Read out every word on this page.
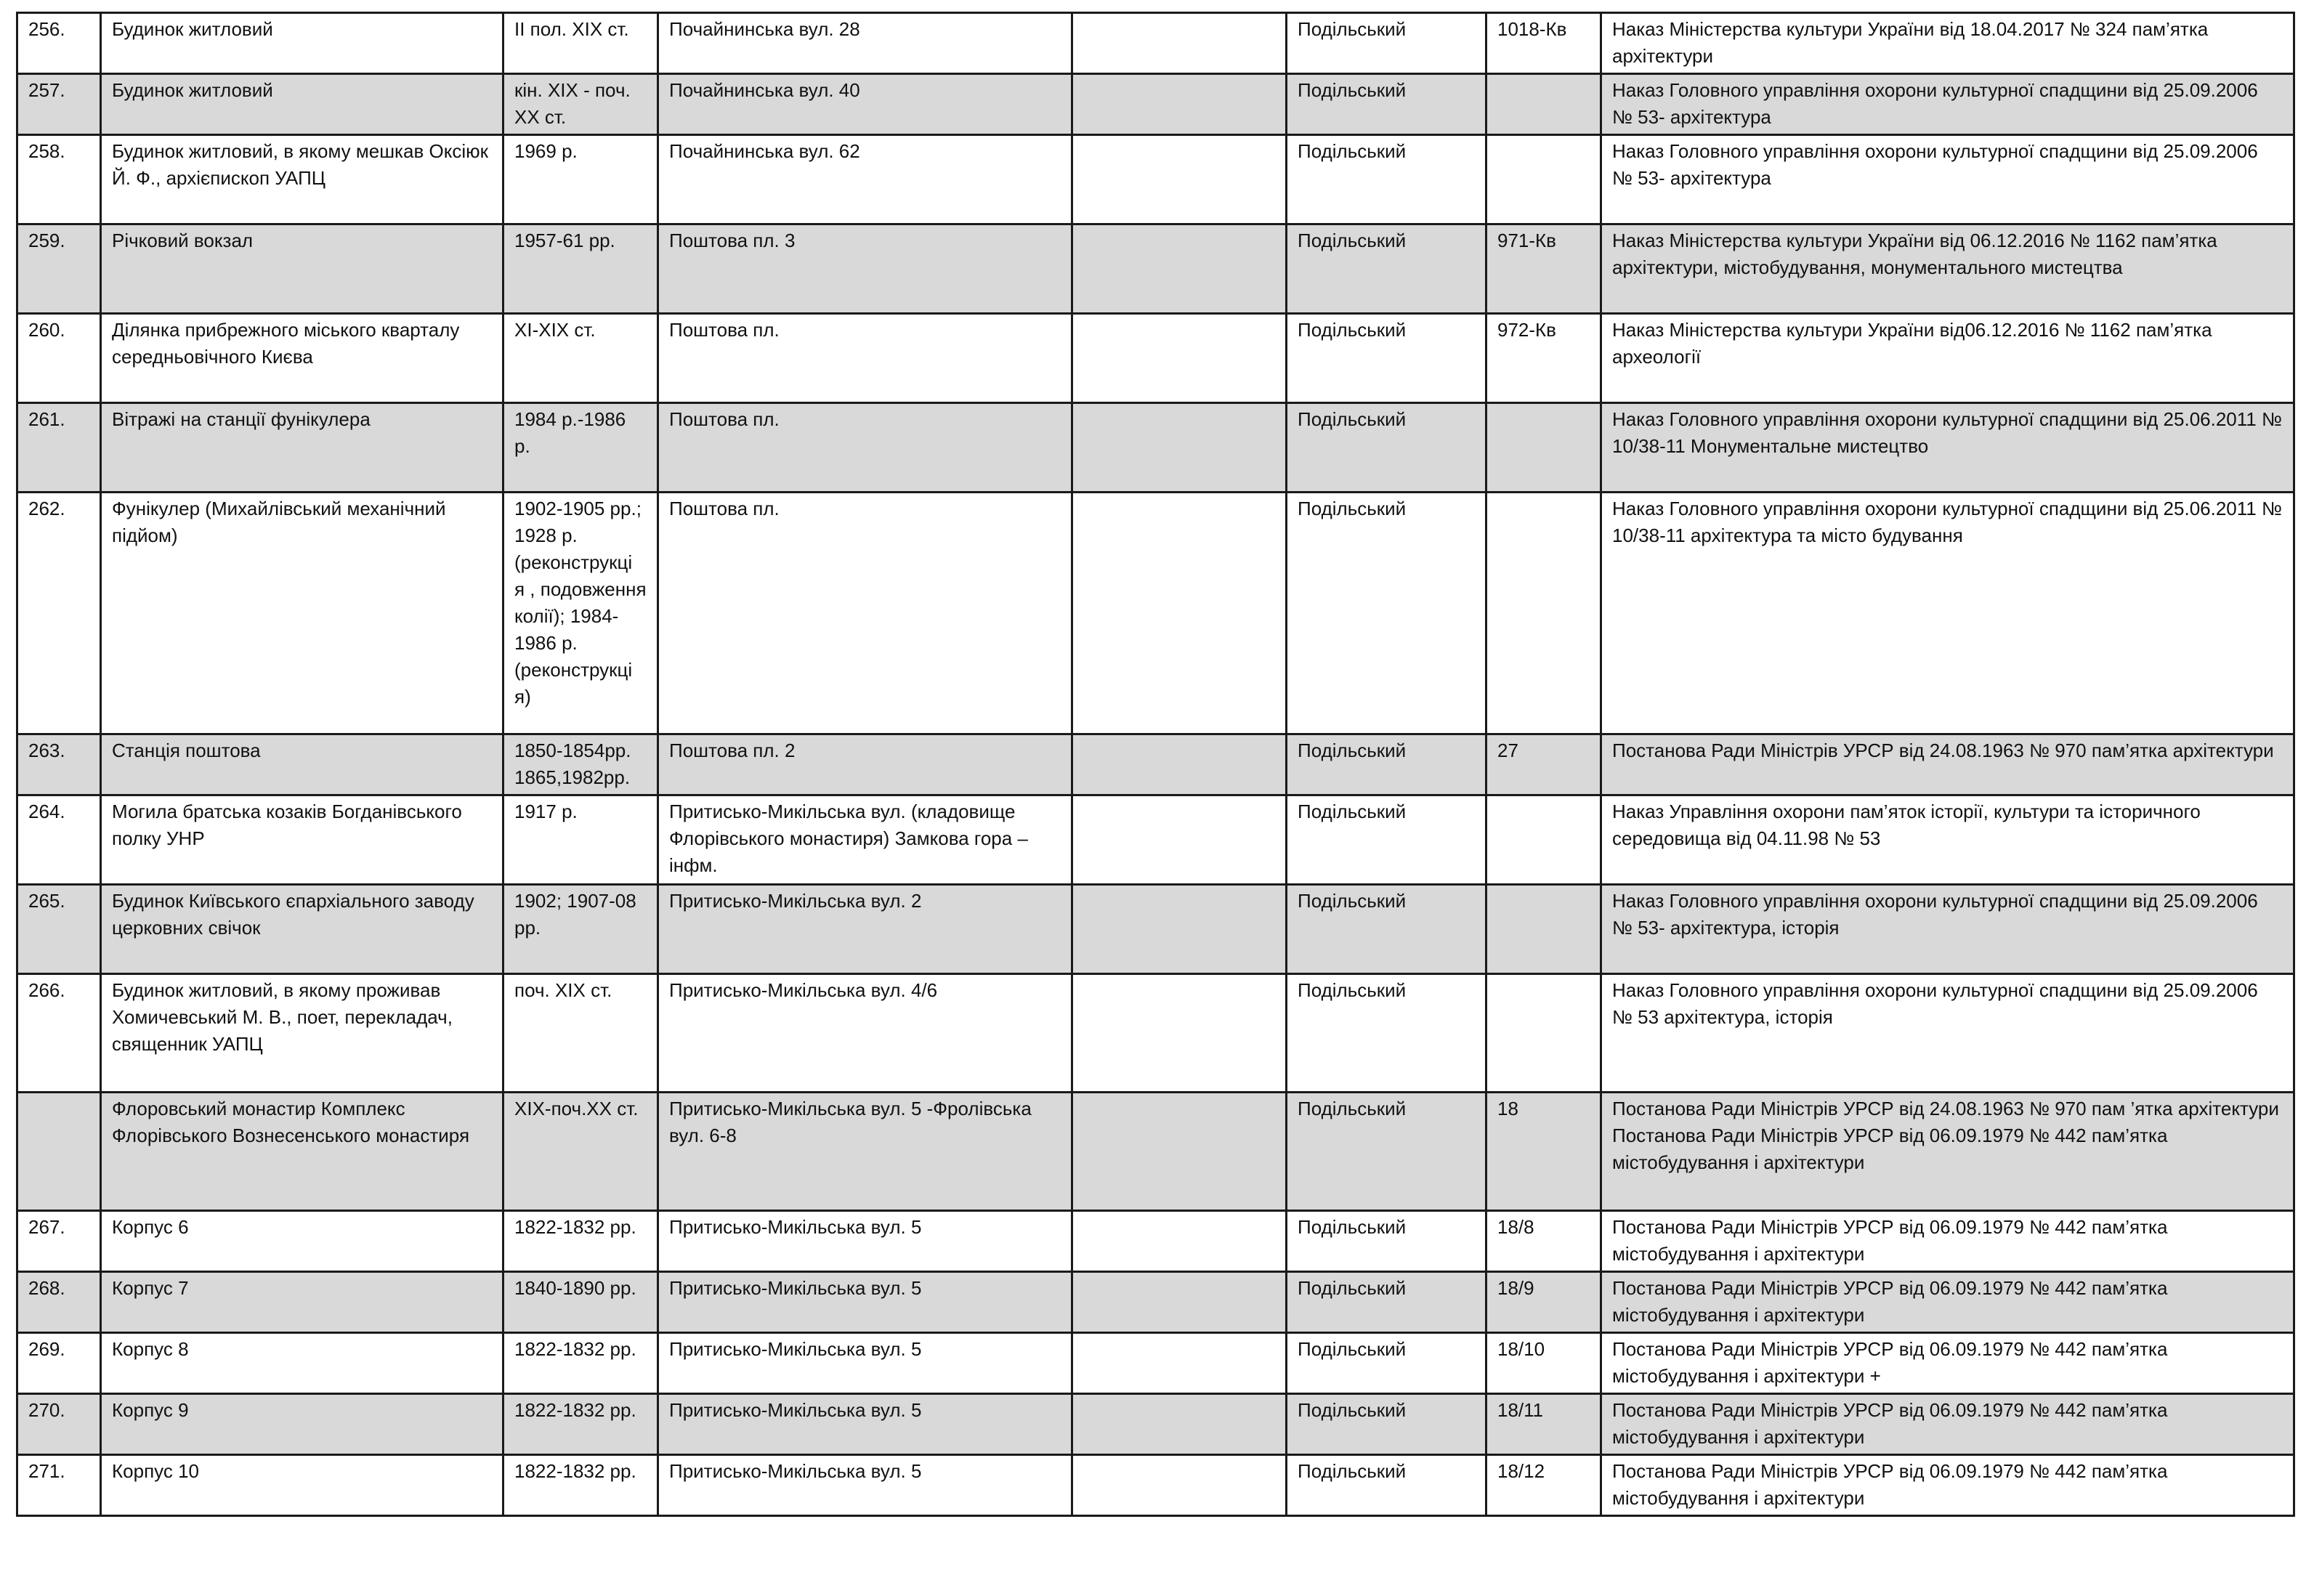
256.	Будинок житловий	ІІ пол. ХІХ ст.	Почайнинська вул. 28		Подільський	1018-Кв	Наказ Міністерства культури України від 18.04.2017 № 324 пам’ятка архітектури
257.	Будинок житловий	кін. ХІХ - поч. ХХ ст.	Почайнинська вул. 40		Подільський		Наказ Головного управління охорони культурної спадщини від 25.09.2006 № 53- архітектура
258.	Будинок житловий, в якому мешкав Оксіюк Й. Ф., архієпископ УАПЦ	1969 р.	Почайнинська вул. 62		Подільський		Наказ Головного управління охорони культурної спадщини від 25.09.2006 № 53- архітектура
259.	Річковий вокзал	1957-61 рр.	Поштова пл. 3		Подільський	971-Кв	Наказ Міністерства культури України від 06.12.2016 № 1162 пам’ятка архітектури, містобудування, монументального мистецтва
260.	Ділянка прибрежного міського кварталу середньовічного Києва	ХІ-ХІХ ст.	Поштова пл.		Подільський	972-Кв	Наказ Міністерства культури України від06.12.2016 № 1162 пам’ятка археології
261.	Вітражі на станції фунікулера	1984 р.-1986 р.	Поштова пл.		Подільський		Наказ Головного управління охорони культурної спадщини від 25.06.2011 № 10/38-11 Монументальне мистецтво
262.	Фунікулер (Михайлівський механічний підйом)	1902-1905 рр.; 1928 р. (реконструкці я , подовження колії); 1984-1986 р. (реконструкці я)	Поштова пл.		Подільський		Наказ Головного управління охорони культурної спадщини від 25.06.2011 № 10/38-11 архітектура та місто будування
263.	Станція поштова	1850-1854рр. 1865,1982рр.	Поштова пл. 2		Подільський	27	Постанова Ради Міністрів УРСР від 24.08.1963 № 970 пам’ятка архітектури
264.	Могила братська козаків Богданівського полку УНР	1917 р.	Притисько-Микільська вул. (кладовище Флорівського монастиря) Замкова гора – інфм.		Подільський		Наказ Управління охорони пам’яток історії, культури та історичного середовища від 04.11.98 № 53
265.	Будинок Київського єпархіального заводу церковних свічок	1902; 1907-08 рр.	Притисько-Микільська вул. 2		Подільський		Наказ Головного управління охорони культурної спадщини від 25.09.2006 № 53- архітектура, історія
266.	Будинок житловий, в якому проживав Хомичевський М. В., поет, перекладач, священник УАПЦ	поч. ХІХ ст.	Притисько-Микільська вул. 4/6		Подільський		Наказ Головного управління охорони культурної спадщини від 25.09.2006 № 53 архітектура, історія
	Флоровський монастир Комплекс Флорівського Вознесенського монастиря	ХІХ-поч.ХХ ст.	Притисько-Микільська вул. 5 -Фролівська вул. 6-8		Подільський	18	Постанова Ради Міністрів УРСР від 24.08.1963 № 970 пам ’ятка архітектури Постанова Ради Міністрів УРСР від 06.09.1979 № 442 пам’ятка містобудування і архітектури
267.	Корпус 6	1822-1832 рр.	Притисько-Микільська вул. 5		Подільський	18/8	Постанова Ради Міністрів УРСР від 06.09.1979 № 442 пам’ятка містобудування і архітектури
268.	Корпус 7	1840-1890 рр.	Притисько-Микільська вул. 5		Подільський	18/9	Постанова Ради Міністрів УРСР від 06.09.1979 № 442 пам’ятка містобудування і архітектури
269.	Корпус 8	1822-1832 рр.	Притисько-Микільська вул. 5		Подільський	18/10	Постанова Ради Міністрів УРСР від 06.09.1979 № 442 пам’ятка містобудування і архітектури +
270.	Корпус 9	1822-1832 рр.	Притисько-Микільська вул. 5		Подільський	18/11	Постанова Ради Міністрів УРСР від 06.09.1979 № 442 пам’ятка містобудування і архітектури
271.	Корпус 10	1822-1832 рр.	Притисько-Микільська вул. 5		Подільський	18/12	Постанова Ради Міністрів УРСР від 06.09.1979 № 442 пам’ятка містобудування і архітектури
